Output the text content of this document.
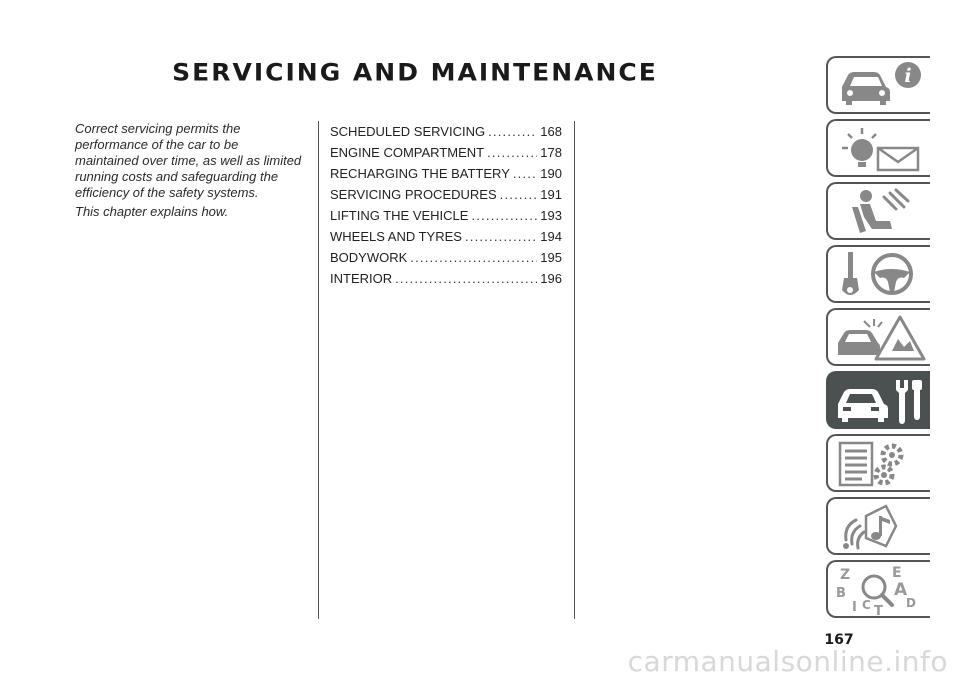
SERVICING AND MAINTENANCE

Correct servicing permits the performance of the car to be maintained over time, as well as limited running costs and safeguarding the efficiency of the safety systems.

This chapter explains how.

SCHEDULED SERVICING .....	168
ENGINE COMPARTMENT .....	178
RECHARGING THE BATTERY ..... 190
SERVICING PROCEDURES .....	191
LIFTING THE VEHICLE .....	193
WHEELS AND TYRES .....	194
BODYWORK .....	195
INTERIOR .....	196
i
Z	E
B	A
I C T
D
167
carmanualsonline.info
